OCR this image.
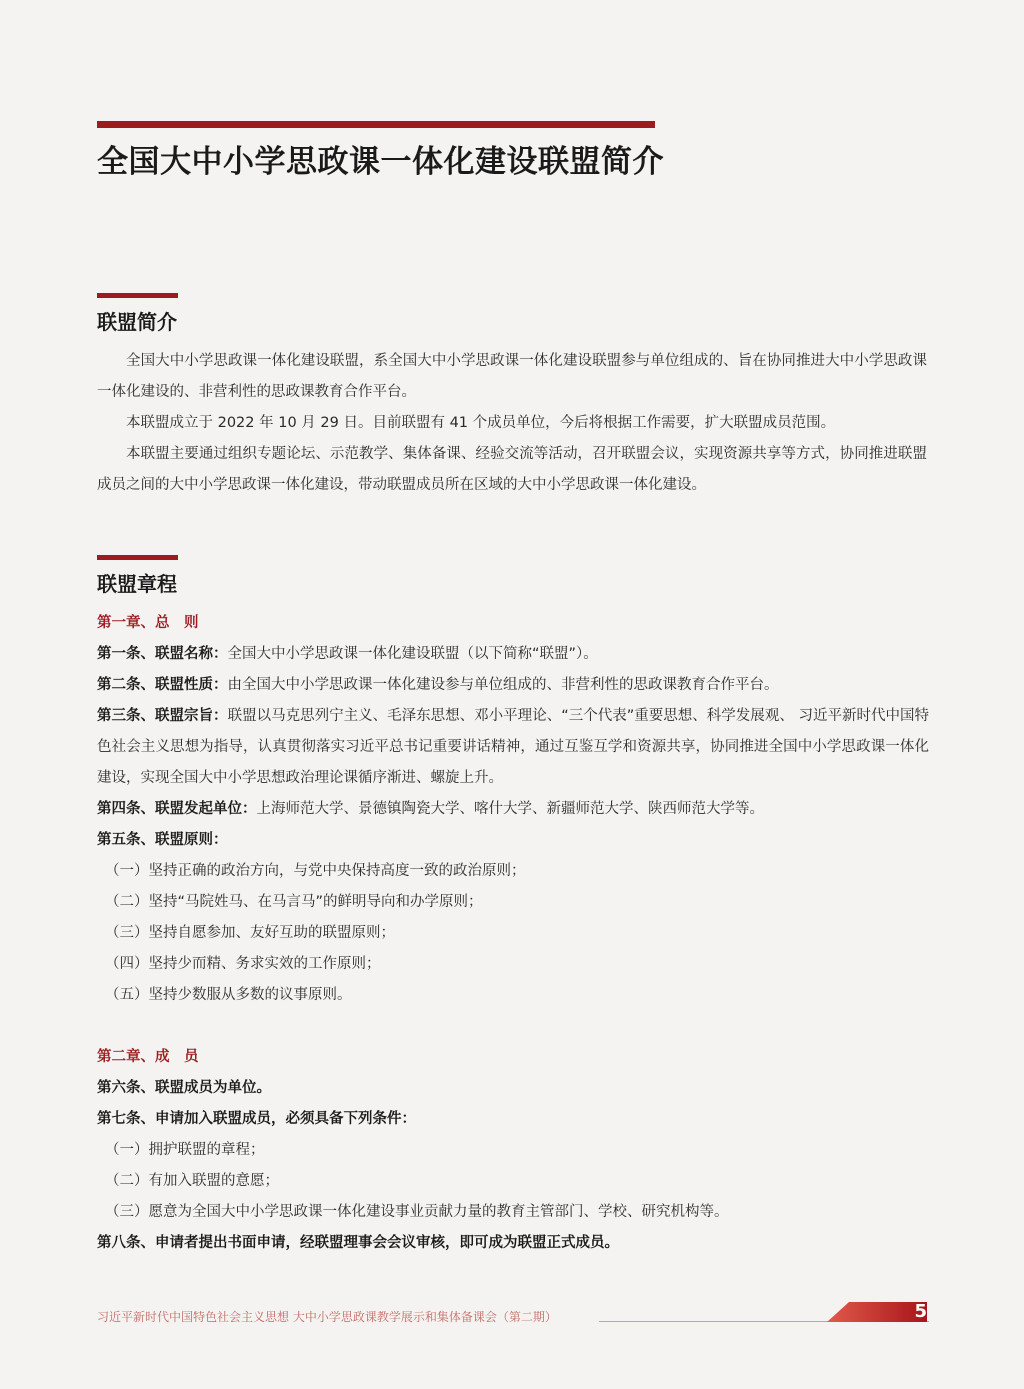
全国大中小学思政课一体化建设联盟简介
联盟简介

全国大中小学思政课一体化建设联盟，系全国大中小学思政课一体化建设联盟参与单位组成的、旨在协同推进大中小学思政课一体化建设的、非营利性的思政课教育合作平台。

本联盟成立于 2022 年 10 月 29 日。目前联盟有 41 个成员单位，今后将根据工作需要，扩大联盟成员范围。

本联盟主要通过组织专题论坛、示范教学、集体备课、经验交流等活动，召开联盟会议，实现资源共享等方式，协同推进联盟成员之间的大中小学思政课一体化建设，带动联盟成员所在区域的大中小学思政课一体化建设。

联盟章程
第一章、总　则
第一条、联盟名称：全国大中小学思政课一体化建设联盟（以下简称“联盟”）。
第二条、联盟性质：由全国大中小学思政课一体化建设参与单位组成的、非营利性的思政课教育合作平台。
第三条、联盟宗旨：联盟以马克思列宁主义、毛泽东思想、邓小平理论、“三个代表”重要思想、科学发展观、 习近平新时代中国特色社会主义思想为指导，认真贯彻落实习近平总书记重要讲话精神，通过互鉴互学和资源共享，协同推进全国中小学思政课一体化建设，实现全国大中小学思想政治理论课循序渐进、螺旋上升。
第四条、联盟发起单位：上海师范大学、景德镇陶瓷大学、喀什大学、新疆师范大学、陕西师范大学等。
第五条、联盟原则：
（一）坚持正确的政治方向，与党中央保持高度一致的政治原则；
（二）坚持“马院姓马、在马言马”的鲜明导向和办学原则；
（三）坚持自愿参加、友好互助的联盟原则；
（四）坚持少而精、务求实效的工作原则；
（五）坚持少数服从多数的议事原则。
第二章、成　员
第六条、联盟成员为单位。
第七条、申请加入联盟成员，必须具备下列条件：
（一）拥护联盟的章程；
（二）有加入联盟的意愿；
（三）愿意为全国大中小学思政课一体化建设事业贡献力量的教育主管部门、学校、研究机构等。
第八条、申请者提出书面申请，经联盟理事会会议审核，即可成为联盟正式成员。
习近平新时代中国特色社会主义思想 大中小学思政课教学展示和集体备课会（第二期）	5
